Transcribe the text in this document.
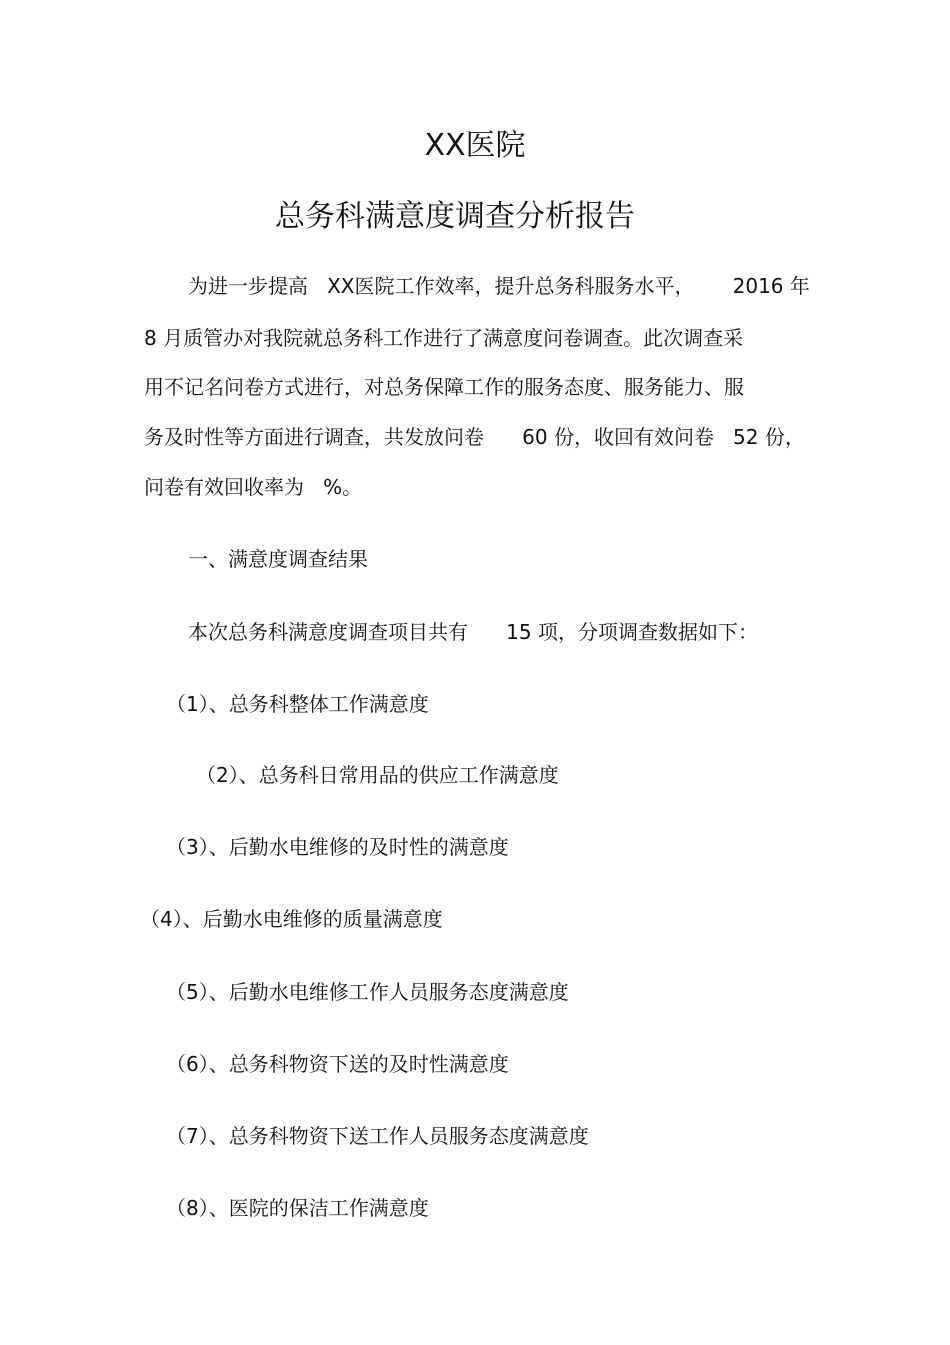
XX医院
总务科满意度调查分析报告
为进一步提高   XX医院工作效率，提升总务科服务水平，      2016 年
8 月质管办对我院就总务科工作进行了满意度问卷调查。此次调查采
用不记名问卷方式进行，对总务保障工作的服务态度、服务能力、服
务及时性等方面进行调查，共发放问卷      60 份，收回有效问卷   52 份，
问卷有效回收率为   %。
一、满意度调查结果
本次总务科满意度调查项目共有      15 项，分项调查数据如下：
（1）、总务科整体工作满意度
（2）、总务科日常用品的供应工作满意度
（3）、后勤水电维修的及时性的满意度
（4）、后勤水电维修的质量满意度
（5）、后勤水电维修工作人员服务态度满意度
（6）、总务科物资下送的及时性满意度
（7）、总务科物资下送工作人员服务态度满意度
（8）、医院的保洁工作满意度
